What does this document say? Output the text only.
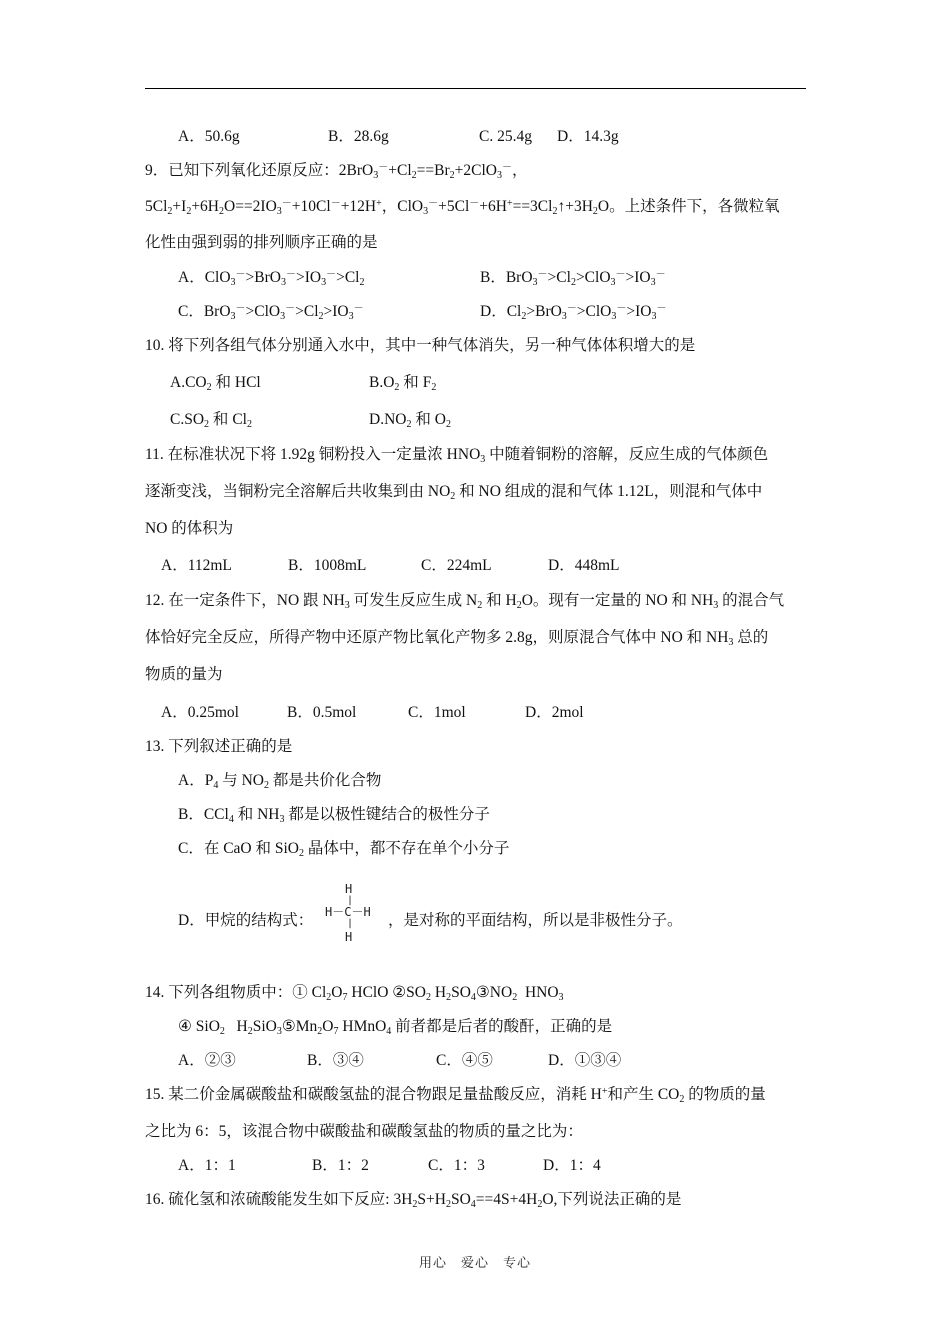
A．50.6g	B．28.6g	C. 25.4g D．14.3g
9．已知下列氧化还原反应：$2BrO_3^-+Cl_2==Br_2+2ClO_3^-$，
$5Cl_2+I_2+6H_2O==2IO_3^-+10Cl^-+12H^+$，$ClO_3^-+5Cl^-+6H^+==3Cl_2↑+3H_2O$。上述条件下，各微粒氧
化性由强到弱的排列顺序正确的是
A．$ClO_3^->BrO_3^->IO_3^->Cl_2$	B．$BrO_3^->Cl_2>ClO_3^->IO_3^-$
C．$BrO_3^->ClO_3^->Cl_2>IO_3^-$	D．$Cl_2>BrO_3^->ClO_3^->IO_3^-$
10. 将下列各组气体分别通入水中，其中一种气体消失，另一种气体体积增大的是
$A.CO_2$ 和 HCl	$B.O_2$ 和 $F_2$
$C.SO_2$ 和 $Cl_2$	$D.NO_2$ 和 $O_2$
11. 在标准状况下将 1.92g 铜粉投入一定量浓 $HNO_3$ 中随着铜粉的溶解，反应生成的气体颜色
逐渐变浅，当铜粉完全溶解后共收集到由 $NO_2$ 和 NO 组成的混和气体 1.12L，则混和气体中
NO 的体积为
A．112mL	B．1008mL	C．224mL	D．448mL
12. 在一定条件下，NO 跟 $NH_3$ 可发生反应生成 $N_2$ 和 $H_2O$。现有一定量的 NO 和 $NH_3$ 的混合气
体恰好完全反应，所得产物中还原产物比氧化产物多 2.8g，则原混合气体中 NO 和 $NH_3$ 总的
物质的量为
A．0.25mol	B．0.5mol	C．1mol	D．2mol
13. 下列叙述正确的是
A．$P_4$ 与 $NO_2$ 都是共价化合物
B．CCl$_4$ 和 $NH_3$ 都是以极性键结合的极性分子
C．在 CaO 和 SiO$_2$ 晶体中，都不存在单个小分子
D．甲烷的结构式：
H
|
H－C－H
|
H
，是对称的平面结构，所以是非极性分子。
14. 下列各组物质中：① $Cl_2O_7$ HClO $②SO_2$ $H_2SO_4③NO_2$  $HNO_3$
④ SiO$_2$   $H_2SiO_3⑤Mn_2O_7$ HMnO$_4$ 前者都是后者的酸酐，正确的是
A．②③	B．③④	C．④⑤	D．①③④
15. 某二价金属碳酸盐和碳酸氢盐的混合物跟足量盐酸反应，消耗 H+和产生 $CO_2$ 的物质的量
之比为 6：5，该混合物中碳酸盐和碳酸氢盐的物质的量之比为：
A．1：1	B．1：2	C．1：3	D．1：4
16. 硫化氢和浓硫酸能发生如下反应: $3H_2S+H_2SO_4==4S+4H_2O$,下列说法正确的是
用心　爱心　专心
